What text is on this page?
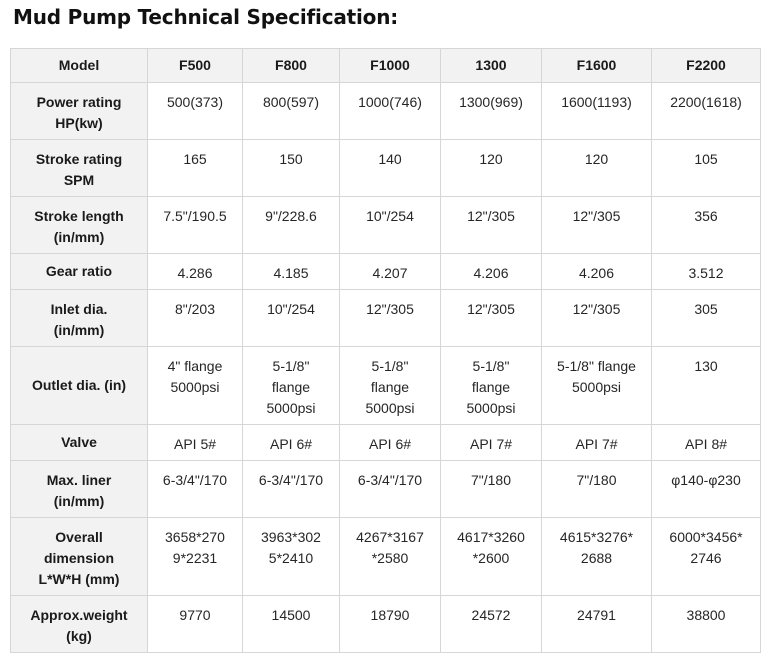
Mud Pump Technical Specification:
Model	F500	F800	F1000	1300	F1600	F2200

Power rating
HP(kw)	500(373)	800(597)	1000(746)	1300(969)	1600(1193)	2200(1618)

Stroke rating
SPM	165	150	140	120	120	105

Stroke length
(in/mm)	7.5"/190.5	9"/228.6	10"/254	12"/305	12"/305	356

Gear ratio	4.286	4.185	4.207	4.206	4.206	3.512

Inlet dia.
(in/mm)	8"/203	10"/254	12"/305	12"/305	12"/305	305

Outlet dia. (in)	4" flange
5000psi	5-1/8"
flange
5000psi	5-1/8"
flange
5000psi	5-1/8"
flange
5000psi	5-1/8" flange
5000psi	130

Valve	API 5#	API 6#	API 6#	API 7#	API 7#	API 8#

Max. liner
(in/mm)	6-3/4"/170	6-3/4"/170	6-3/4"/170	7"/180	7"/180	φ140-φ230

Overall
dimension
L*W*H (mm)	3658*270
9*2231	3963*302
5*2410	4267*3167
*2580	4617*3260
*2600	4615*3276*
2688	6000*3456*
2746

Approx.weight
(kg)	9770	14500	18790	24572	24791	38800
